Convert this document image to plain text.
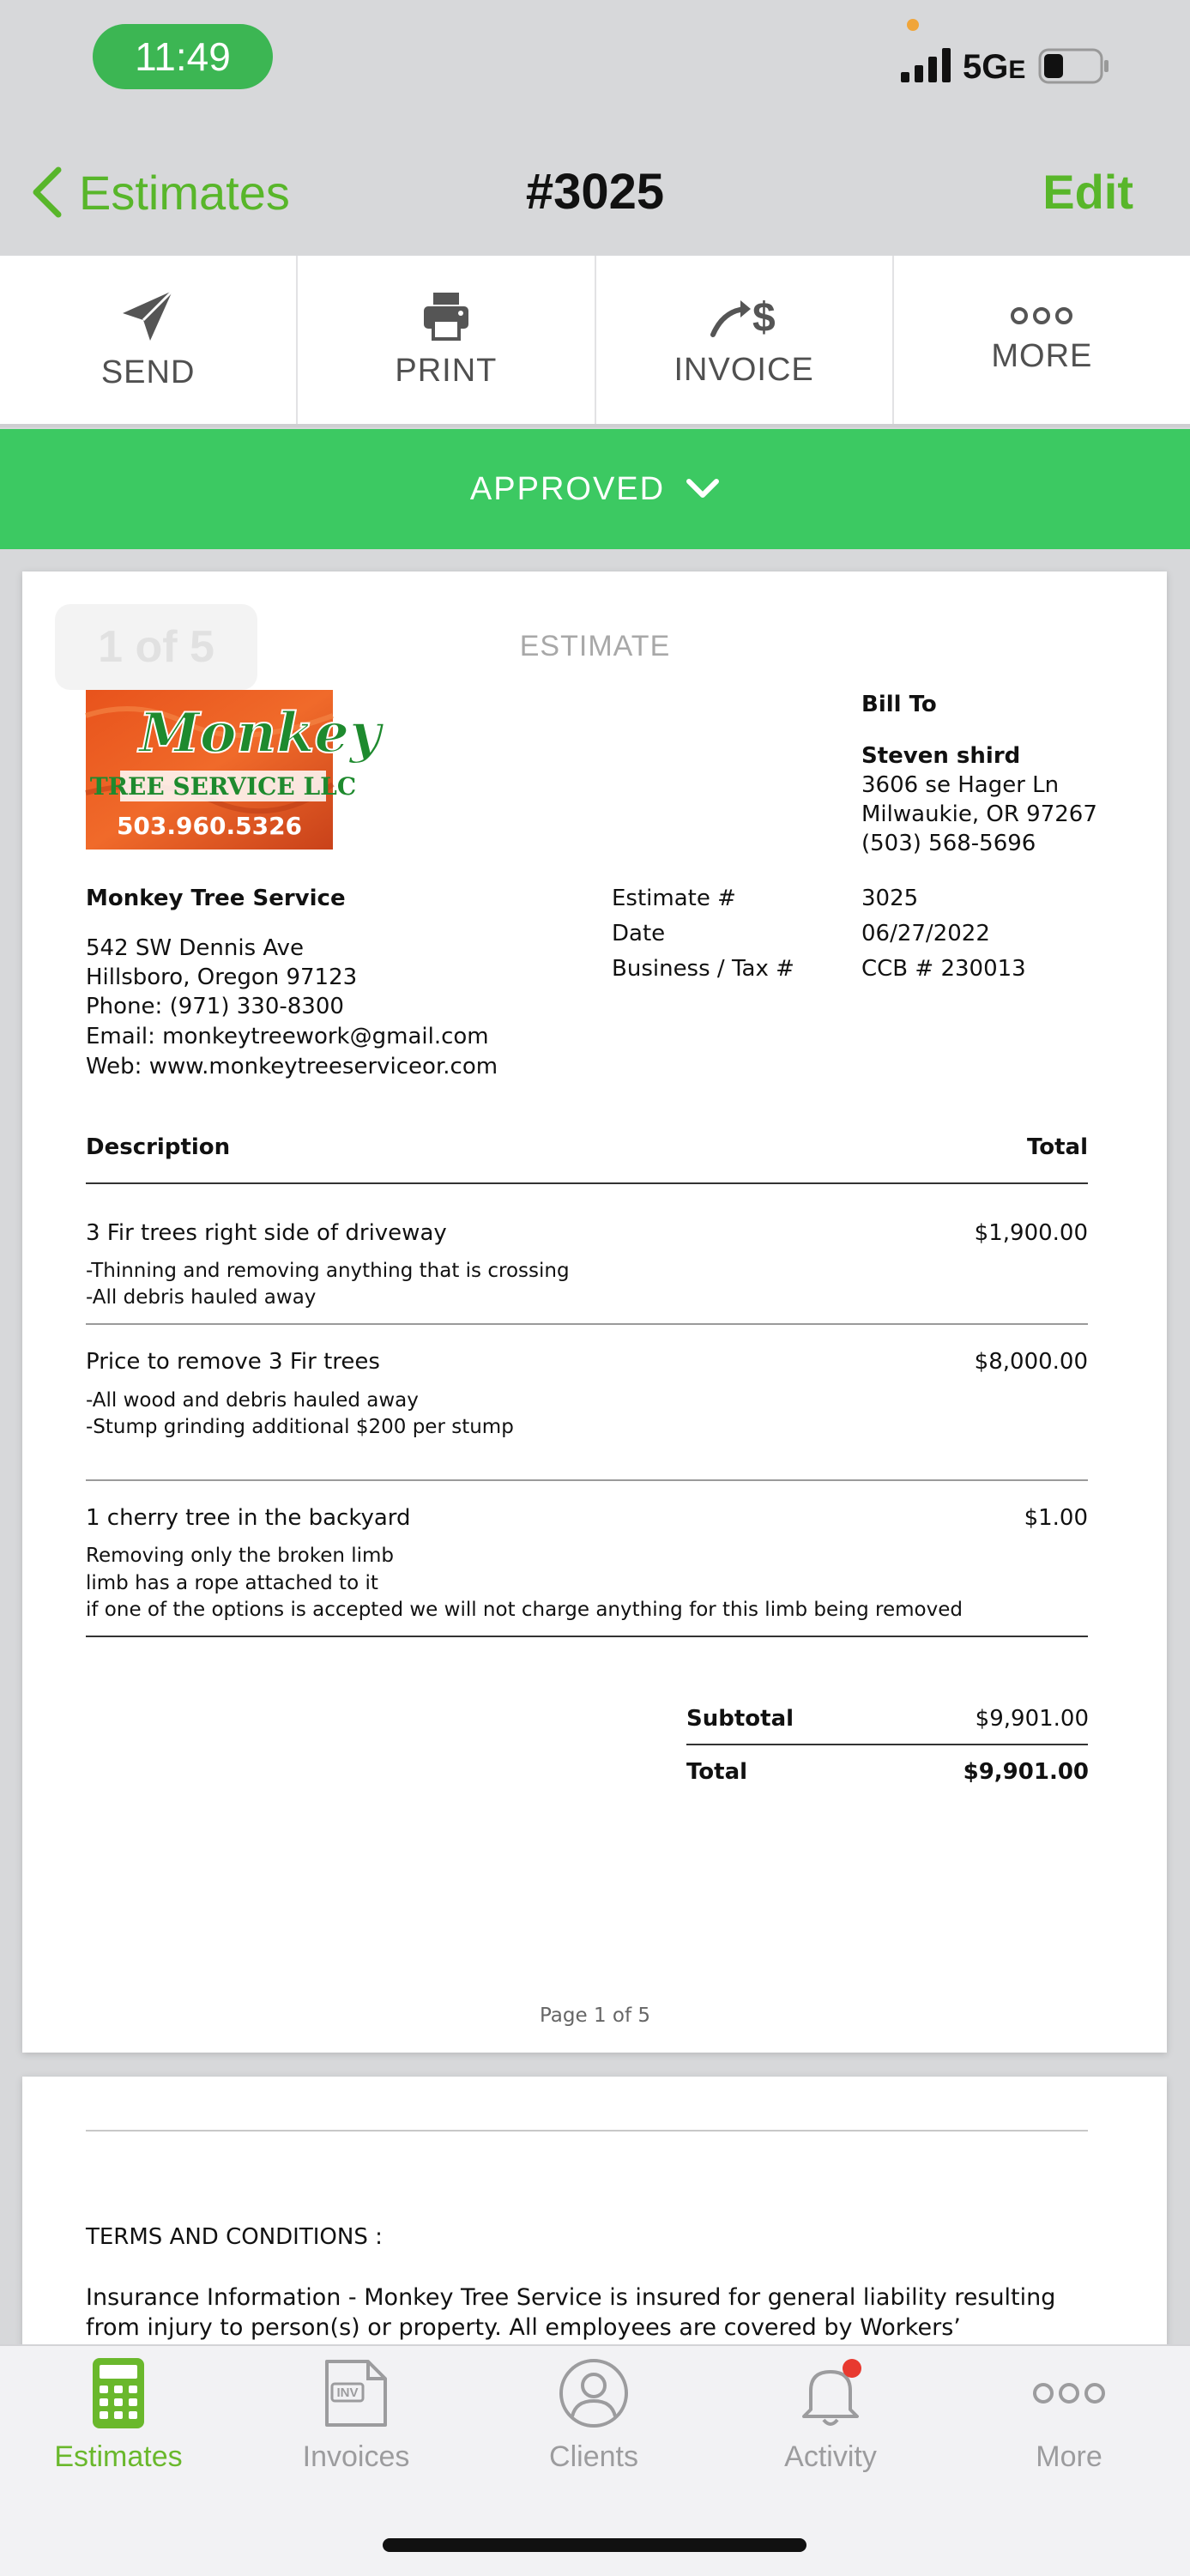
11:49	5GE
Estimates	#3025	Edit
SEND	PRINT
$
INVOICE	MORE
APPROVED
1 of 5	ESTIMATE
Monkey
TREE SERVICE LLC
503.960.5326
Bill To
Steven shird
3606 se Hager Ln
Milwaukie, OR 97267
(503) 568-5696
Monkey Tree Service
542 SW Dennis Ave
Hillsboro, Oregon 97123
Phone: (971) 330-8300
Email: monkeytreework@gmail.com
Web: www.monkeytreeserviceor.com
Estimate #	3025
Date	06/27/2022
Business / Tax #	CCB # 230013
Description	Total
3 Fir trees right side of driveway	$1,900.00
-Thinning and removing anything that is crossing
-All debris hauled away
Price to remove 3 Fir trees	$8,000.00
-All wood and debris hauled away
-Stump grinding additional $200 per stump
1 cherry tree in the backyard	$1.00
Removing only the broken limb
limb has a rope attached to it
if one of the options is accepted we will not charge anything for this limb being removed
Subtotal	$9,901.00
Total	$9,901.00
Page 1 of 5
TERMS AND CONDITIONS :
Insurance Information - Monkey Tree Service is insured for general liability resulting from injury to person(s) or property. All employees are covered by Workers’
Estimates
INV
Invoices	Clients	Activity	More
